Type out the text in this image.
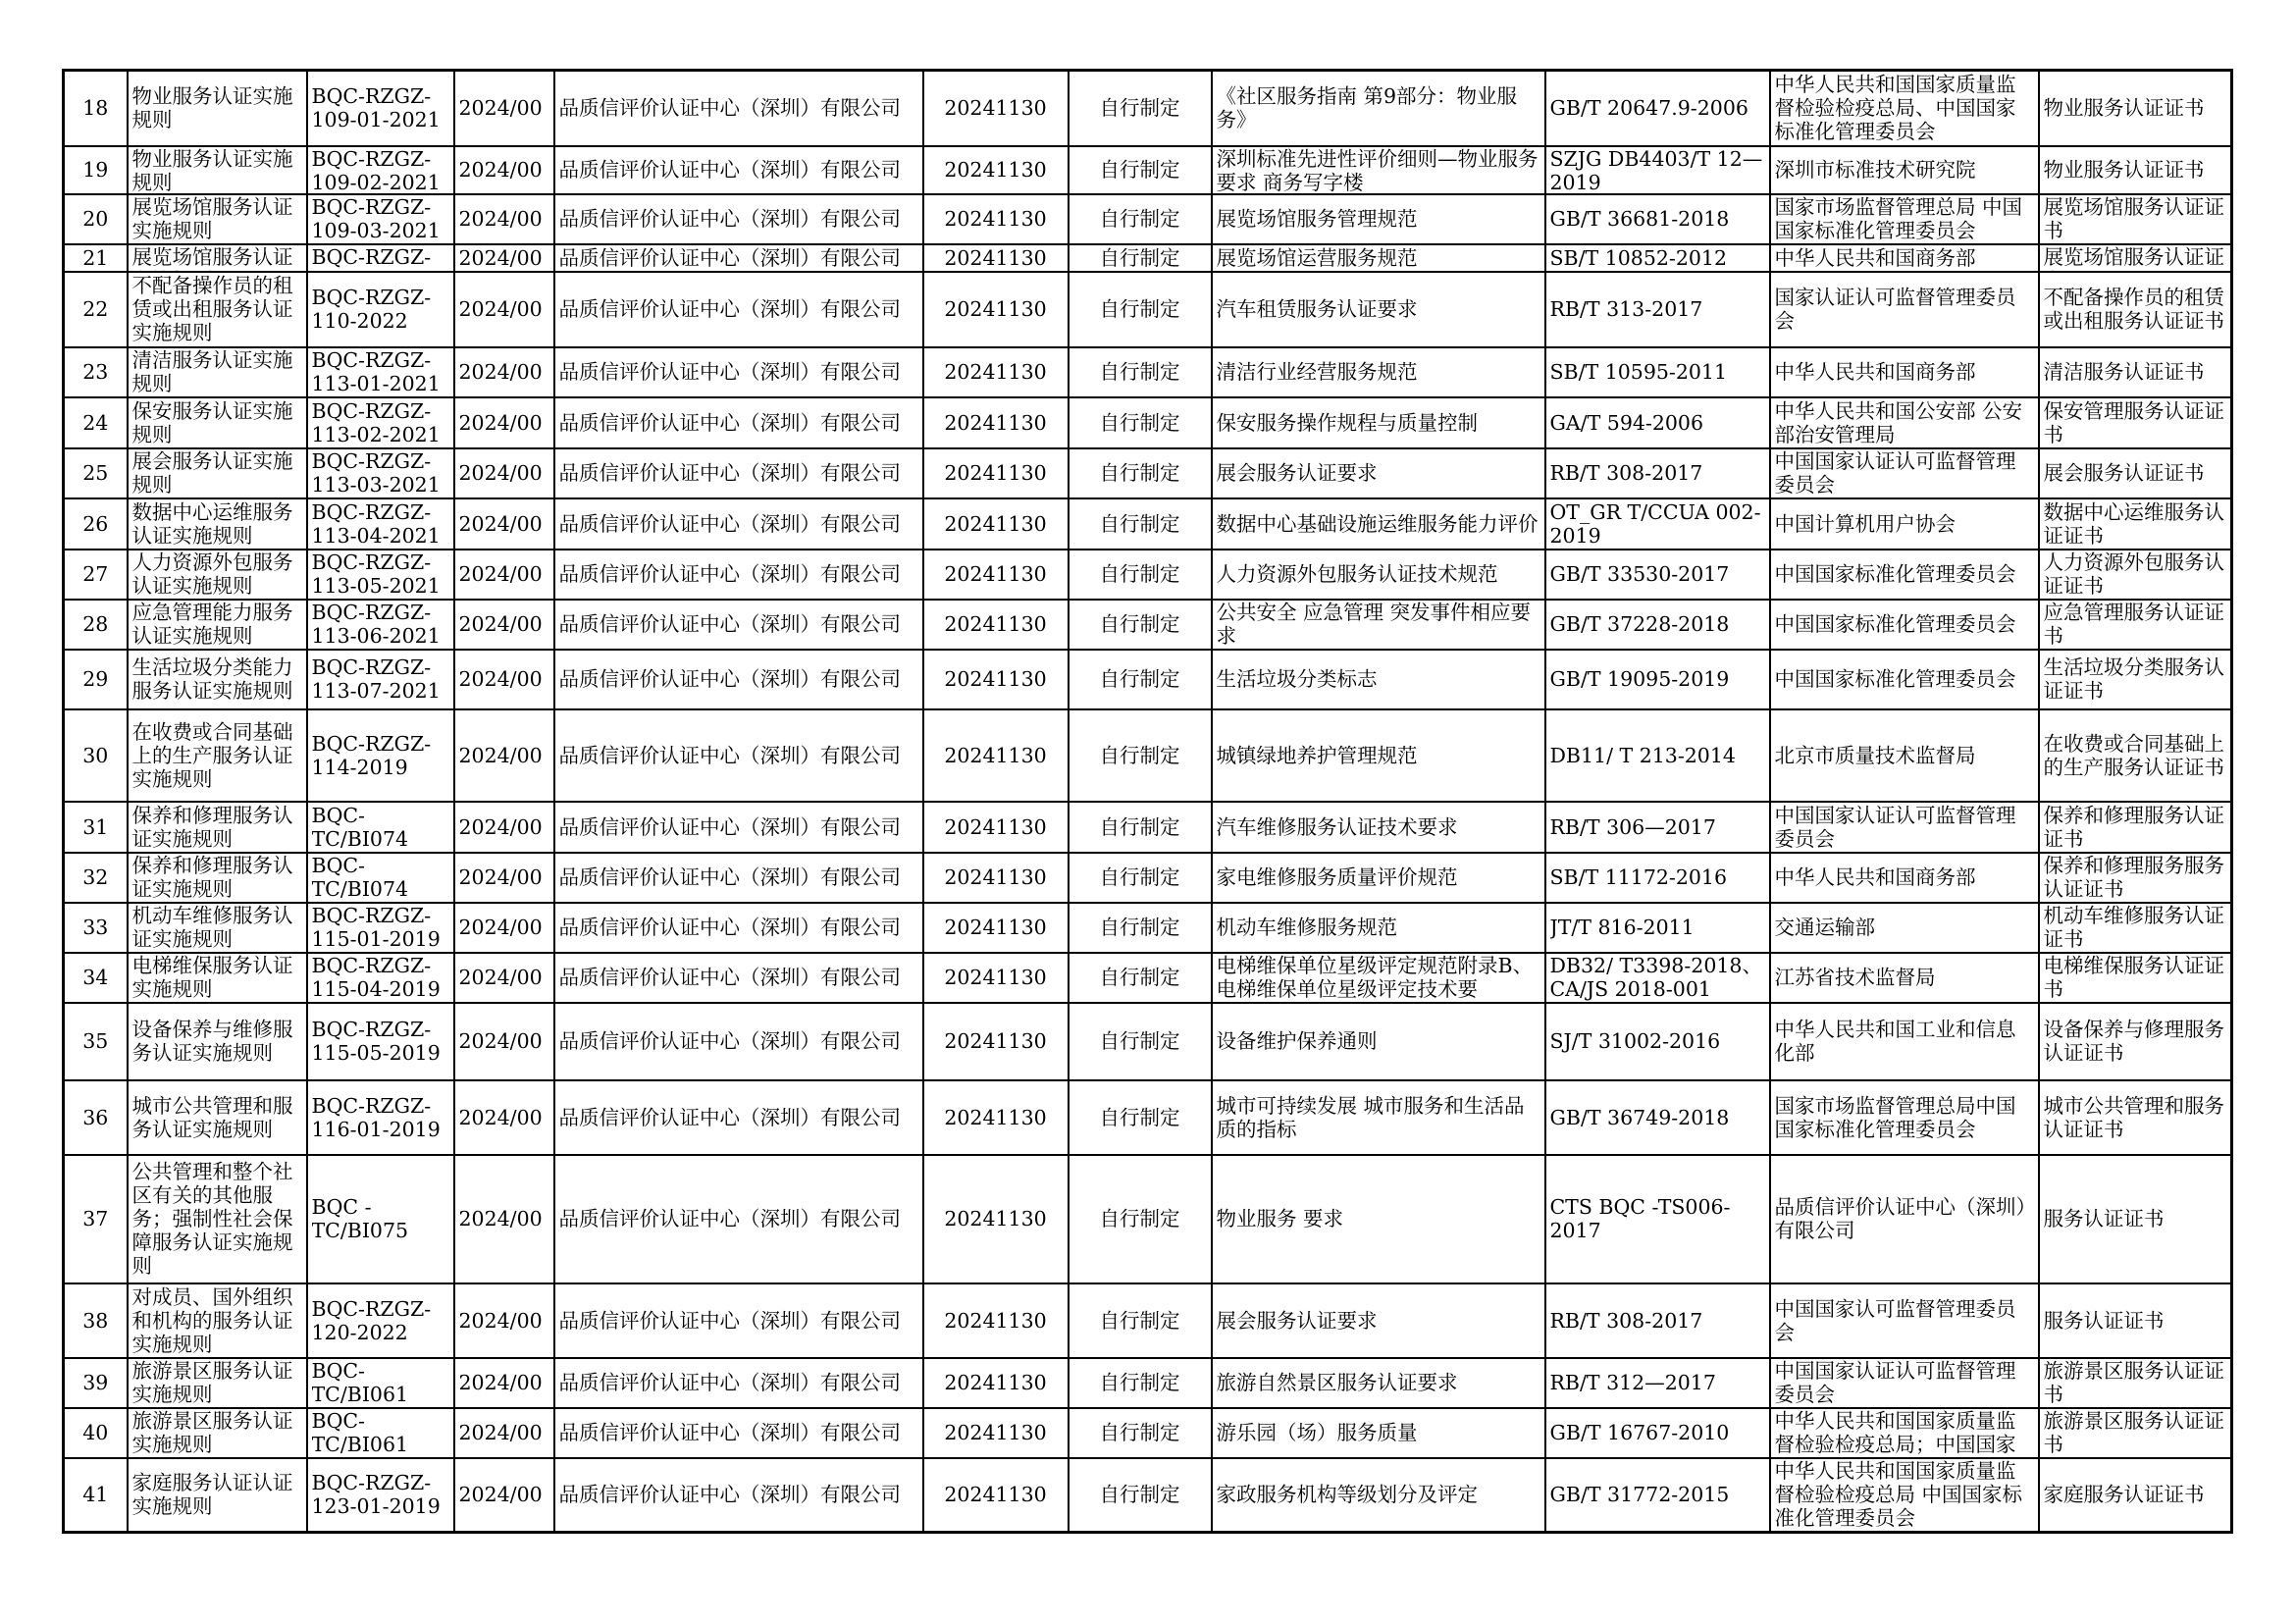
18	物业服务认证实施规则	BQC-RZGZ-109-01-2021	2024/00	品质信评价认证中心（深圳）有限公司	20241130	自行制定	《社区服务指南 第9部分：物业服务》	GB/T 20647.9-2006	中华人民共和国国家质量监督检验检疫总局、中国国家标准化管理委员会	物业服务认证证书

19	物业服务认证实施规则	BQC-RZGZ-109-02-2021	2024/00	品质信评价认证中心（深圳）有限公司	20241130	自行制定	深圳标准先进性评价细则—物业服务要求 商务写字楼	SZJG DB4403/T 12—2019	深圳市标准技术研究院	物业服务认证证书

20	展览场馆服务认证实施规则	BQC-RZGZ-109-03-2021	2024/00	品质信评价认证中心（深圳）有限公司	20241130	自行制定	展览场馆服务管理规范	GB/T 36681-2018	国家市场监督管理总局 中国国家标准化管理委员会	展览场馆服务认证证书

21	展览场馆服务认证	BQC-RZGZ-	2024/00	品质信评价认证中心（深圳）有限公司	20241130	自行制定	展览场馆运营服务规范	SB/T 10852-2012	中华人民共和国商务部	展览场馆服务认证证

22	不配备操作员的租赁或出租服务认证实施规则	BQC-RZGZ-110-2022	2024/00	品质信评价认证中心（深圳）有限公司	20241130	自行制定	汽车租赁服务认证要求	RB/T 313-2017	国家认证认可监督管理委员会	不配备操作员的租赁或出租服务认证证书

23	清洁服务认证实施规则	BQC-RZGZ-113-01-2021	2024/00	品质信评价认证中心（深圳）有限公司	20241130	自行制定	清洁行业经营服务规范	SB/T 10595-2011	中华人民共和国商务部	清洁服务认证证书

24	保安服务认证实施规则	BQC-RZGZ-113-02-2021	2024/00	品质信评价认证中心（深圳）有限公司	20241130	自行制定	保安服务操作规程与质量控制	GA/T 594-2006	中华人民共和国公安部 公安部治安管理局	保安管理服务认证证书

25	展会服务认证实施规则	BQC-RZGZ-113-03-2021	2024/00	品质信评价认证中心（深圳）有限公司	20241130	自行制定	展会服务认证要求	RB/T 308-2017	中国国家认证认可监督管理委员会	展会服务认证证书

26	数据中心运维服务认证实施规则	BQC-RZGZ-113-04-2021	2024/00	品质信评价认证中心（深圳）有限公司	20241130	自行制定	数据中心基础设施运维服务能力评价	OT_GR T/CCUA 002-2019	中国计算机用户协会	数据中心运维服务认证证书

27	人力资源外包服务认证实施规则	BQC-RZGZ-113-05-2021	2024/00	品质信评价认证中心（深圳）有限公司	20241130	自行制定	人力资源外包服务认证技术规范	GB/T 33530-2017	中国国家标准化管理委员会	人力资源外包服务认证证书

28	应急管理能力服务认证实施规则	BQC-RZGZ-113-06-2021	2024/00	品质信评价认证中心（深圳）有限公司	20241130	自行制定	公共安全 应急管理 突发事件相应要求	GB/T 37228-2018	中国国家标准化管理委员会	应急管理服务认证证书

29	生活垃圾分类能力服务认证实施规则	BQC-RZGZ-113-07-2021	2024/00	品质信评价认证中心（深圳）有限公司	20241130	自行制定	生活垃圾分类标志	GB/T 19095-2019	中国国家标准化管理委员会	生活垃圾分类服务认证证书

30	在收费或合同基础上的生产服务认证实施规则	BQC-RZGZ-114-2019	2024/00	品质信评价认证中心（深圳）有限公司	20241130	自行制定	城镇绿地养护管理规范	DB11/ T 213-2014	北京市质量技术监督局	在收费或合同基础上的生产服务认证证书

31	保养和修理服务认证实施规则	BQC-TC/BI074	2024/00	品质信评价认证中心（深圳）有限公司	20241130	自行制定	汽车维修服务认证技术要求	RB/T 306—2017	中国国家认证认可监督管理委员会	保养和修理服务认证证书

32	保养和修理服务认证实施规则	BQC-TC/BI074	2024/00	品质信评价认证中心（深圳）有限公司	20241130	自行制定	家电维修服务质量评价规范	SB/T 11172-2016	中华人民共和国商务部	保养和修理服务服务认证证书

33	机动车维修服务认证实施规则	BQC-RZGZ-115-01-2019	2024/00	品质信评价认证中心（深圳）有限公司	20241130	自行制定	机动车维修服务规范	JT/T 816-2011	交通运输部	机动车维修服务认证证书

34	电梯维保服务认证实施规则	BQC-RZGZ-115-04-2019	2024/00	品质信评价认证中心（深圳）有限公司	20241130	自行制定	电梯维保单位星级评定规范附录B、电梯维保单位星级评定技术要	DB32/ T3398-2018、CA/JS 2018-001	江苏省技术监督局	电梯维保服务认证证书

35	设备保养与维修服务认证实施规则	BQC-RZGZ-115-05-2019	2024/00	品质信评价认证中心（深圳）有限公司	20241130	自行制定	设备维护保养通则	SJ/T 31002-2016	中华人民共和国工业和信息化部	设备保养与修理服务认证证书

36	城市公共管理和服务认证实施规则	BQC-RZGZ-116-01-2019	2024/00	品质信评价认证中心（深圳）有限公司	20241130	自行制定	城市可持续发展 城市服务和生活品质的指标	GB/T 36749-2018	国家市场监督管理总局中国国家标准化管理委员会	城市公共管理和服务认证证书

37	公共管理和整个社区有关的其他服务；强制性社会保障服务认证实施规则	BQC - TC/BI075	2024/00	品质信评价认证中心（深圳）有限公司	20241130	自行制定	物业服务 要求	CTS BQC -TS006-2017	品质信评价认证中心（深圳）有限公司	服务认证证书

38	对成员、国外组织和机构的服务认证实施规则	BQC-RZGZ-120-2022	2024/00	品质信评价认证中心（深圳）有限公司	20241130	自行制定	展会服务认证要求	RB/T 308-2017	中国国家认可监督管理委员会	服务认证证书

39	旅游景区服务认证实施规则	BQC-TC/BI061	2024/00	品质信评价认证中心（深圳）有限公司	20241130	自行制定	旅游自然景区服务认证要求	RB/T 312—2017	中国国家认证认可监督管理委员会	旅游景区服务认证证书

40	旅游景区服务认证实施规则	BQC-TC/BI061	2024/00	品质信评价认证中心（深圳）有限公司	20241130	自行制定	游乐园（场）服务质量	GB/T 16767-2010	中华人民共和国国家质量监督检验检疫总局；中国国家	旅游景区服务认证证书

41	家庭服务认证认证实施规则	BQC-RZGZ-123-01-2019	2024/00	品质信评价认证中心（深圳）有限公司	20241130	自行制定	家政服务机构等级划分及评定	GB/T 31772-2015	中华人民共和国国家质量监督检验检疫总局 中国国家标准化管理委员会	家庭服务认证证书
